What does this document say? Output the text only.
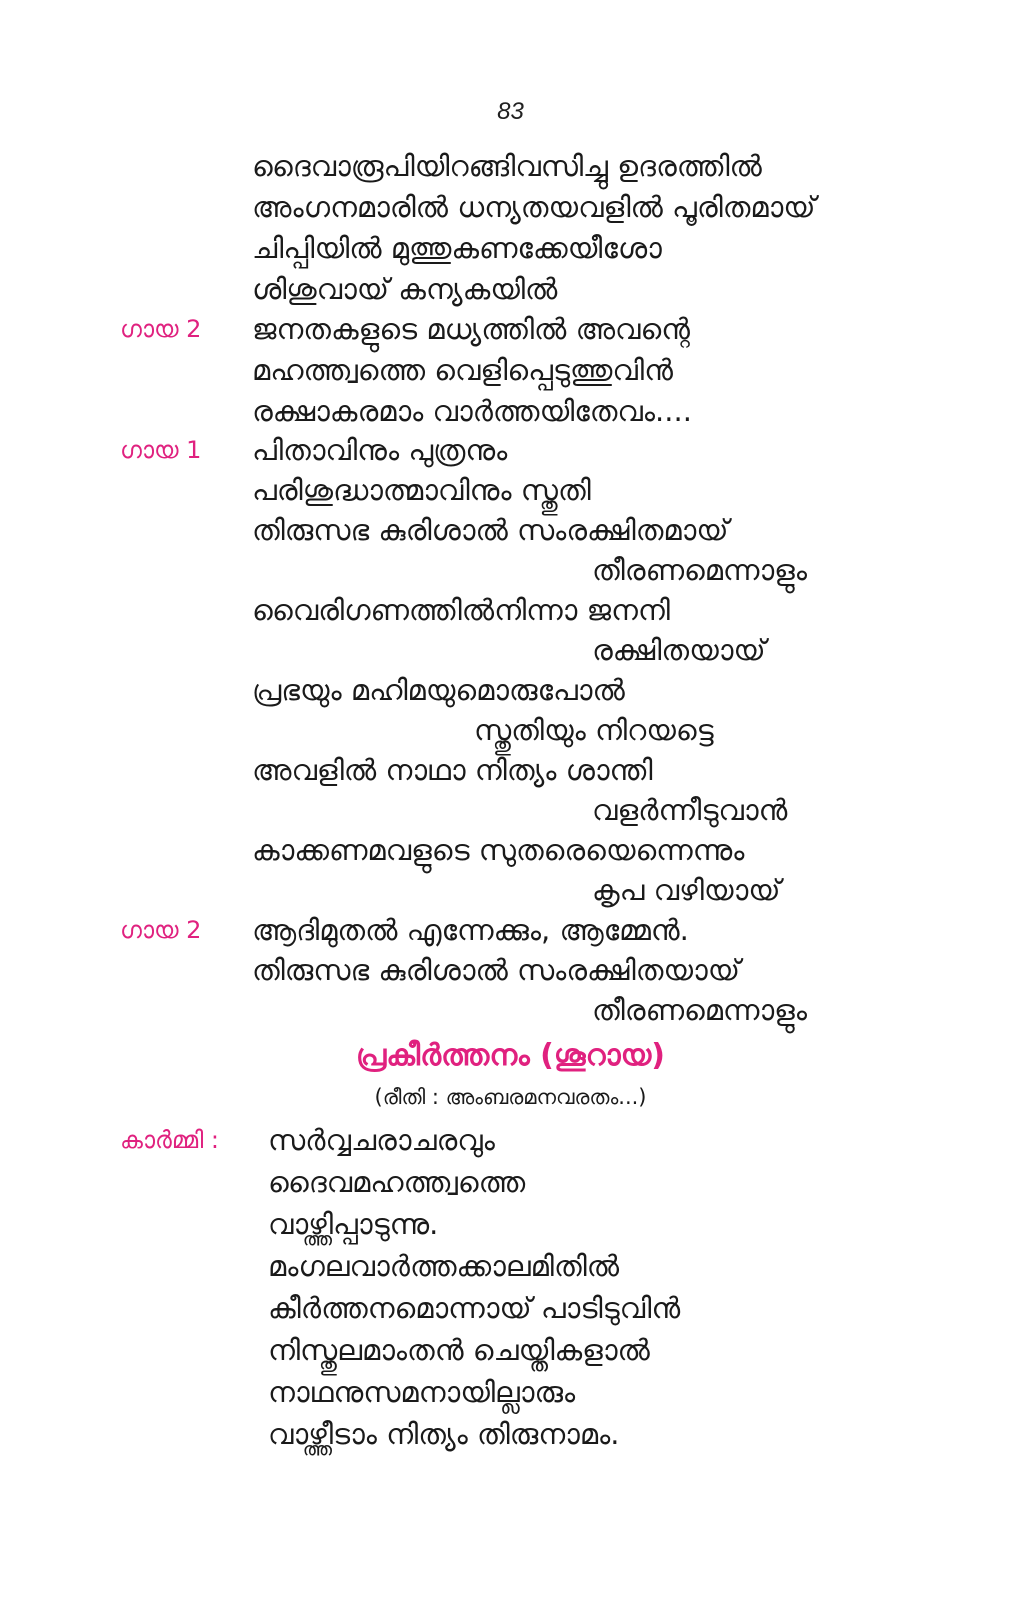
83
ദൈവാരൂപിയിറങ്ങിവസിച്ചു ഉദരത്തിൽ
അംഗനമാരിൽ ധന്യതയവളിൽ പൂരിതമായ്
ചിപ്പിയിൽ മുത്തുകണക്കേയീശോ
ശിശുവായ് കന്യകയിൽ
ഗായ 2 ജനതകളുടെ മധ്യത്തിൽ അവന്റെ
മഹത്ത്വത്തെ വെളിപ്പെടുത്തുവിൻ
രക്ഷാകരമാം വാർത്തയിതേവം....
ഗായ 1 പിതാവിനും പുത്രനും
പരിശുദ്ധാത്മാവിനും സ്തുതി
തിരുസഭ കുരിശാൽ സംരക്ഷിതമായ്
തീരണമെന്നാളും
വൈരിഗണത്തിൽനിന്നാ ജനനി
രക്ഷിതയായ്
പ്രഭയും മഹിമയുമൊരുപോൽ
സ്തുതിയും നിറയട്ടെ
അവളിൽ നാഥാ നിത്യം ശാന്തി
വളർന്നീടുവാൻ
കാക്കണമവളുടെ സുതരെയെന്നെന്നും
കൃപ വഴിയായ്
ഗായ 2 ആദിമുതൽ എന്നേക്കും, ആമ്മേൻ.
തിരുസഭ കുരിശാൽ സംരക്ഷിതയായ്
തീരണമെന്നാളും
പ്രകീർത്തനം (ശൂറായ)
(രീതി : അംബരമനവരതം...)
കാർമ്മി : സർവ്വചരാചരവും
ദൈവമഹത്ത്വത്തെ
വാഴ്ത്തിപ്പാടുന്നു.
മംഗലവാർത്തക്കാലമിതിൽ
കീർത്തനമൊന്നായ് പാടിടുവിൻ
നിസ്തുലമാംതൻ ചെയ്തികളാൽ
നാഥനുസമനായില്ലാരും
വാഴ്ത്തീടാം നിത്യം തിരുനാമം.
